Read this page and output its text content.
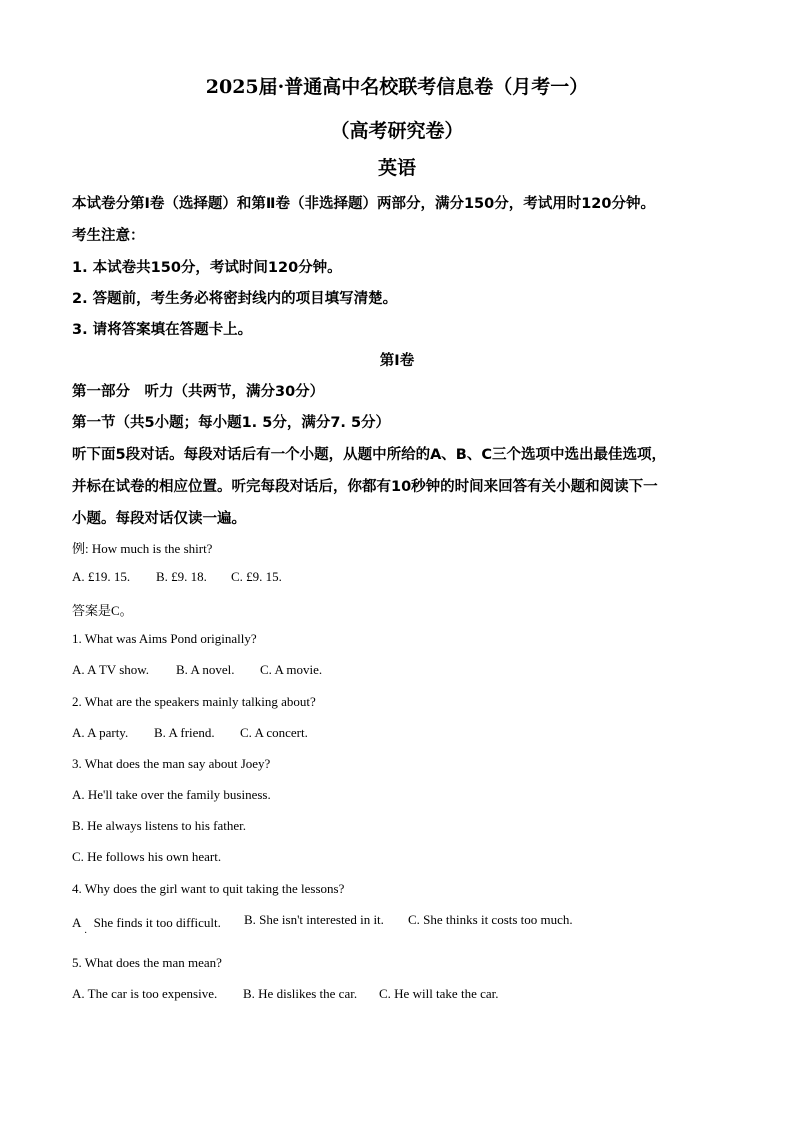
2025届·普通高中名校联考信息卷（月考一）
（高考研究卷）
英语
本试卷分第Ⅰ卷（选择题）和第Ⅱ卷（非选择题）两部分，满分150分，考试用时120分钟。
考生注意：
1. 本试卷共150分，考试时间120分钟。
2. 答题前，考生务必将密封线内的项目填写清楚。
3. 请将答案填在答题卡上。
第Ⅰ卷
第一部分　听力（共两节，满分30分）
第一节（共5小题；每小题1. 5分，满分7. 5分）
听下面5段对话。每段对话后有一个小题，从题中所给的A、B、C三个选项中选出最佳选项，
并标在试卷的相应位置。听完每段对话后，你都有10秒钟的时间来回答有关小题和阅读下一
小题。每段对话仅读一遍。
例: How much is the shirt?
A. £19. 15. B. £9. 18. C. £9. 15.
答案是C。
1. What was Aims Pond originally?
A. A TV show. B. A novel. C. A movie.
2. What are the speakers mainly talking about?
A. A party. B. A friend. C. A concert.
3. What does the man say about Joey?
A. He'll take over the family business.
B. He always listens to his father.
C. He follows his own heart.
4. Why does the girl want to quit taking the lessons?
A　She finds it too difficult. B. She isn't interested in it. C. She thinks it costs too much.
·
5. What does the man mean?
A. The car is too expensive. B. He dislikes the car. C. He will take the car.
